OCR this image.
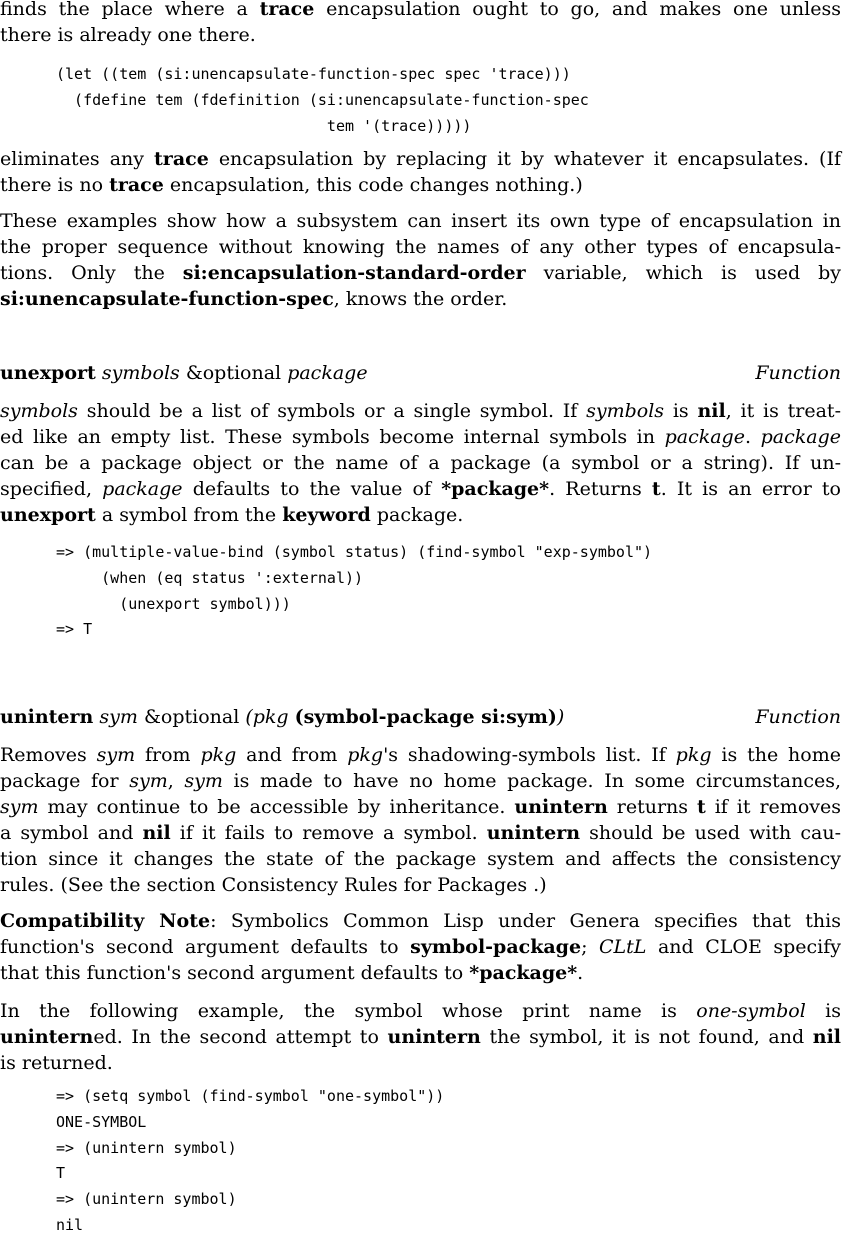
finds the place where a trace encapsulation ought to go, and makes one unless
there is already one there.
(let ((tem (si:unencapsulate-function-spec spec 'trace)))
(fdefine tem (fdefinition (si:unencapsulate-function-spec
tem '(trace)))))
eliminates any trace encapsulation by replacing it by whatever it encapsulates. (If
there is no trace encapsulation, this code changes nothing.)
These examples show how a subsystem can insert its own type of encapsulation in
the proper sequence without knowing the names of any other types of encapsula-
tions. Only the si:encapsulation-standard-order variable, which is used by
si:unencapsulate-function-spec, knows the order.
unexport symbols &optional package	Function
symbols should be a list of symbols or a single symbol. If symbols is nil, it is treat-
ed like an empty list. These symbols become internal symbols in package. package
can be a package object or the name of a package (a symbol or a string). If un-
specified, package defaults to the value of *package*. Returns t. It is an error to
unexport a symbol from the keyword package.
=> (multiple-value-bind (symbol status) (find-symbol "exp-symbol")
(when (eq status ':external))
(unexport symbol)))
=> T
unintern sym &optional (pkg (symbol-package si:sym))	Function
Removes sym from pkg and from pkg's shadowing-symbols list. If pkg is the home
package for sym, sym is made to have no home package. In some circumstances,
sym may continue to be accessible by inheritance. unintern returns t if it removes
a symbol and nil if it fails to remove a symbol. unintern should be used with cau-
tion since it changes the state of the package system and affects the consistency
rules. (See the section Consistency Rules for Packages .)
Compatibility Note: Symbolics Common Lisp under Genera specifies that this
function's second argument defaults to symbol-package; CLtL and CLOE specify
that this function's second argument defaults to *package*.
In the following example, the symbol whose print name is one-symbol is
uninterned. In the second attempt to unintern the symbol, it is not found, and nil
is returned.
=> (setq symbol (find-symbol "one-symbol"))
ONE-SYMBOL
=> (unintern symbol)
T
=> (unintern symbol)
nil
